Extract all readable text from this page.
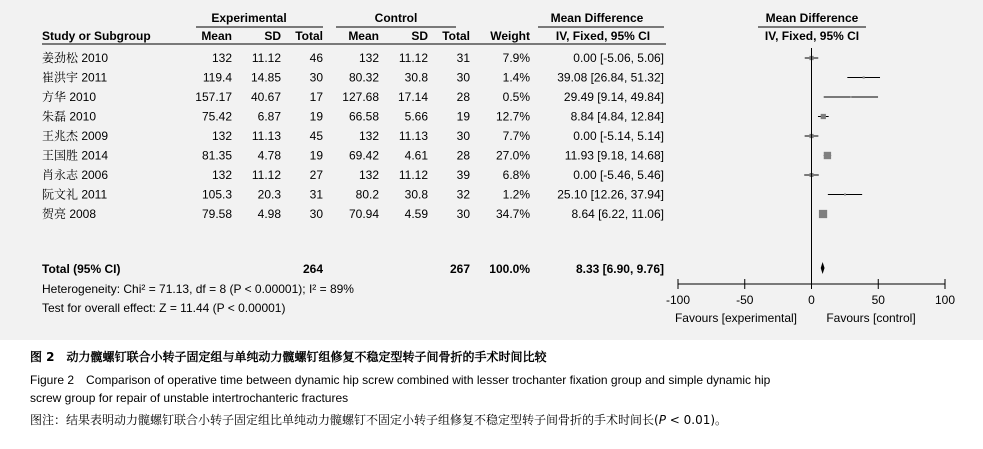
Experimental	Control	Mean Difference	Mean Difference
Study or Subgroup	Mean	SD Total Mean	SD Total Weight IV, Fixed, 95% CI	IV, Fixed, 95% CI
姜劲松 2010	132 11.12 46	132 11.12 31	7.9%	0.00 [-5.06, 5.06]
崔洪宇 2011	119.4 14.85 30 80.32 30.8 30	1.4% 39.08 [26.84, 51.32]
方华 2010	157.17 40.67 17 127.68 17.14 28	0.5%	29.49 [9.14, 49.84]
朱磊 2010	75.42 6.87 19 66.58 5.66 19 12.7%	8.84 [4.84, 12.84]
王兆杰 2009	132 11.13 45	132 11.13 30	7.7%	0.00 [-5.14, 5.14]
王国胜 2014	81.35 4.78 19 69.42 4.61 28 27.0%	11.93 [9.18, 14.68]
肖永志 2006	132 11.12 27	132 11.12 39	6.8%	0.00 [-5.46, 5.46]
阮文礼 2011	105.3 20.3 31	80.2 30.8 32	1.2% 25.10 [12.26, 37.94]
贺亮 2008	79.58 4.98 30 70.94 4.59 30 34.7%	8.64 [6.22, 11.06]
Total (95% CI)	264	267 100.0%	8.33 [6.90, 9.76]
Heterogeneity: Chi² = 71.13, df = 8 (P < 0.00001); I² = 89%
Test for overall effect: Z = 11.44 (P < 0.00001)
-100	-50	0	50	100
Favours [experimental] Favours [control]
图 2　动力髋螺钉联合小转子固定组与单纯动力髋螺钉组修复不稳定型转子间骨折的手术时间比较
Figure 2　Comparison of operative time between dynamic hip screw combined with lesser trochanter fixation group and simple dynamic hip
screw group for repair of unstable intertrochanteric fractures
图注：结果表明动力髋螺钉联合小转子固定组比单纯动力髋螺钉不固定小转子组修复不稳定型转子间骨折的手术时间长(P < 0.01)。
